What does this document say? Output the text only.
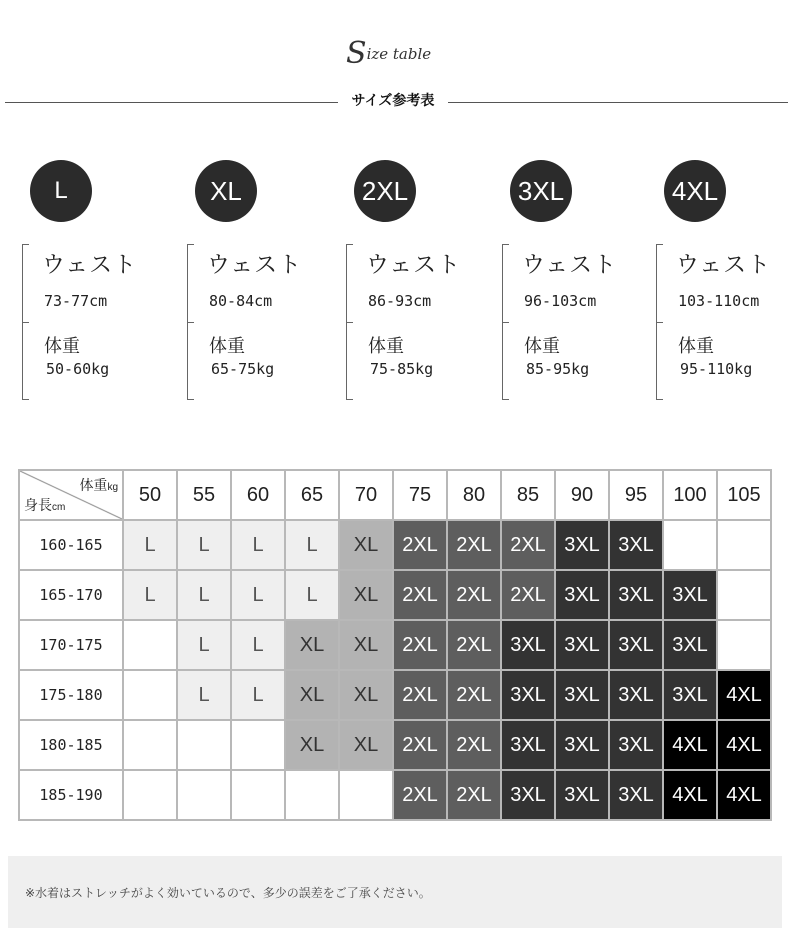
Size table
サイズ参考表
L
ウェスト
73-77cm
体重
50-60kg
XL
ウェスト
80-84cm
体重
65-75kg
2XL
ウェスト
86-93cm
体重
75-85kg
3XL
ウェスト
96-103cm
体重
85-95kg
4XL
ウェスト
103-110cm
体重
95-110kg
体重kg
身長cm	50	55	60	65	70	75	80	85	90	95	100	105
160-165	L	L	L	L	XL	2XL	2XL	2XL	3XL	3XL		
165-170	L	L	L	L	XL	2XL	2XL	2XL	3XL	3XL	3XL	
170-175		L	L	XL	XL	2XL	2XL	3XL	3XL	3XL	3XL	
175-180		L	L	XL	XL	2XL	2XL	3XL	3XL	3XL	3XL	4XL
180-185				XL	XL	2XL	2XL	3XL	3XL	3XL	4XL	4XL
185-190						2XL	2XL	3XL	3XL	3XL	4XL	4XL
※水着はストレッチがよく効いているので、多少の誤差をご了承ください。
